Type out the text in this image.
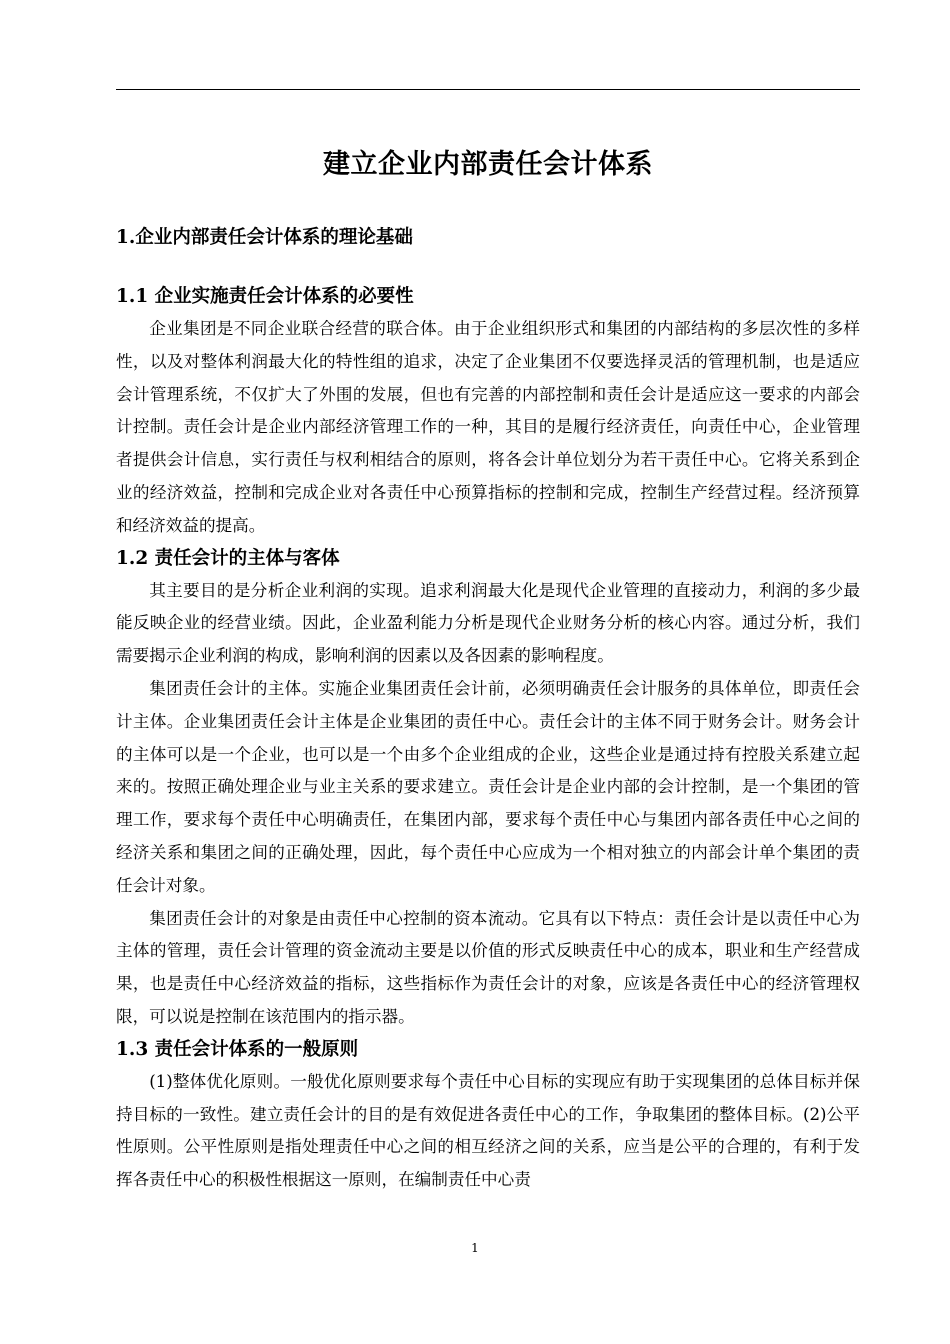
建立企业内部责任会计体系
1.企业内部责任会计体系的理论基础
1.1 企业实施责任会计体系的必要性

企业集团是不同企业联合经营的联合体。由于企业组织形式和集团的内部结构的多层次性的多样性，以及对整体利润最大化的特性组的追求，决定了企业集团不仅要选择灵活的管理机制，也是适应会计管理系统，不仅扩大了外围的发展，但也有完善的内部控制和责任会计是适应这一要求的内部会计控制。责任会计是企业内部经济管理工作的一种，其目的是履行经济责任，向责任中心，企业管理者提供会计信息，实行责任与权利相结合的原则，将各会计单位划分为若干责任中心。它将关系到企业的经济效益，控制和完成企业对各责任中心预算指标的控制和完成，控制生产经营过程。经济预算和经济效益的提高。

1.2 责任会计的主体与客体

其主要目的是分析企业利润的实现。追求利润最大化是现代企业管理的直接动力，利润的多少最能反映企业的经营业绩。因此，企业盈利能力分析是现代企业财务分析的核心内容。通过分析，我们需要揭示企业利润的构成，影响利润的因素以及各因素的影响程度。

集团责任会计的主体。实施企业集团责任会计前，必须明确责任会计服务的具体单位，即责任会计主体。企业集团责任会计主体是企业集团的责任中心。责任会计的主体不同于财务会计。财务会计的主体可以是一个企业，也可以是一个由多个企业组成的企业，这些企业是通过持有控股关系建立起来的。按照正确处理企业与业主关系的要求建立。责任会计是企业内部的会计控制，是一个集团的管理工作，要求每个责任中心明确责任，在集团内部，要求每个责任中心与集团内部各责任中心之间的经济关系和集团之间的正确处理，因此，每个责任中心应成为一个相对独立的内部会计单个集团的责任会计对象。

集团责任会计的对象是由责任中心控制的资本流动。它具有以下特点：责任会计是以责任中心为主体的管理，责任会计管理的资金流动主要是以价值的形式反映责任中心的成本，职业和生产经营成果，也是责任中心经济效益的指标，这些指标作为责任会计的对象，应该是各责任中心的经济管理权限，可以说是控制在该范围内的指示器。

1.3 责任会计体系的一般原则

(1)整体优化原则。一般优化原则要求每个责任中心目标的实现应有助于实现集团的总体目标并保持目标的一致性。建立责任会计的目的是有效促进各责任中心的工作，争取集团的整体目标。(2)公平性原则。公平性原则是指处理责任中心之间的相互经济之间的关系，应当是公平的合理的，有利于发挥各责任中心的积极性根据这一原则，在编制责任中心责

1
